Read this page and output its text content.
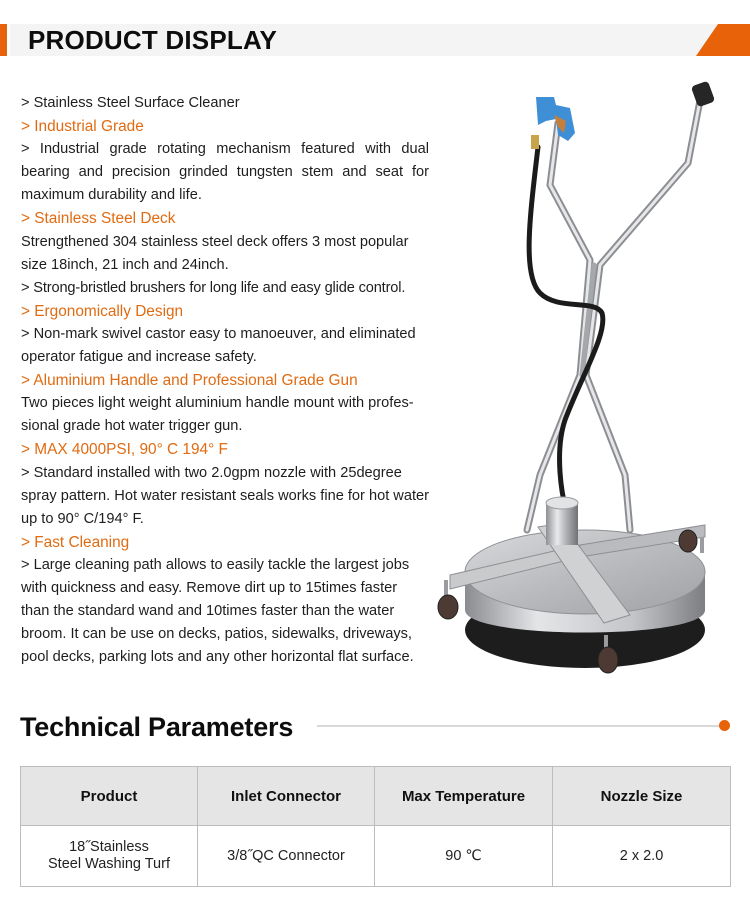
PRODUCT DISPLAY

> Stainless Steel Surface Cleaner

> Industrial Grade

> Industrial grade rotating mechanism featured with dual bearing and precision grinded tungsten stem and seat for maximum durability and life.

> Stainless Steel Deck

Strengthened 304 stainless steel deck offers 3 most popular size 18inch, 21 inch and 24inch.

> Strong-bristled brushers for long life and easy glide control.

> Ergonomically Design

> Non-mark swivel castor easy to manoeuver, and eliminated operator fatigue and increase safety.

> Aluminium Handle and Professional Grade Gun

Two pieces light weight aluminium handle mount with profes-sional grade hot water trigger gun.

> MAX 4000PSI, 90° C 194° F

> Standard installed with two 2.0gpm nozzle with 25degree spray pattern. Hot water resistant seals works fine for hot water up to 90° C/194° F.

> Fast Cleaning

> Large cleaning path allows to easily tackle the largest jobs with quickness and easy. Remove dirt up to 15times faster than the standard wand and 10times faster than the water broom. It can be use on decks, patios, sidewalks, driveways, pool decks, parking lots and any other horizontal flat surface.

Technical Parameters
Product	Inlet Connector	Max Temperature	Nozzle Size

18˝Stainless
Steel Washing Turf	3/8˝QC Connector	90 ℃	2 x 2.0
